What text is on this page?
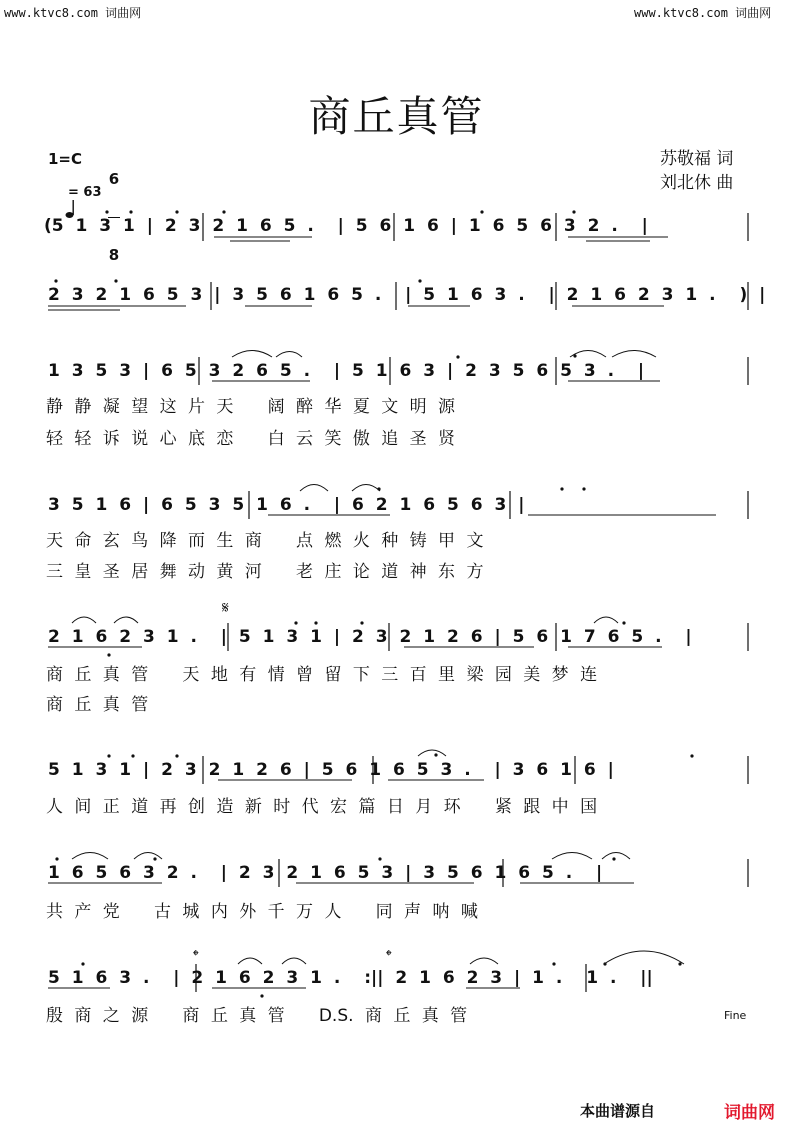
www.ktvc8.com 词曲网	www.ktvc8.com 词曲网
商丘真管
1=C

6

8

= 63
苏敬福 词
刘北休 曲
(5 1 3 1 | 2 3 2 1 6 5 .  | 5 6 1 6 | 1 6 5 6 3 2 .  |
2 3 2 1 6 5 3 | 3 5 6 1 6 5 .  | 5 1 6 3 .  | 2 1 6 2 3 1 .  ) |
1 3 5 3 | 6 5 3 2 6 5 .  | 5 1 6 3 | 2 3 5 6 5 3 .  |
静 静 凝 望 这 片 天   阔 醉 华 夏 文 明 源
轻 轻 诉 说 心 底 恋   白 云 笑 傲 追 圣 贤
3 5 1 6 | 6 5 3 5 1 6 .  | 6 2 1 6 5 6 3 |
天 命 玄 鸟 降 而 生 商   点 燃 火 种 铸 甲 文
三 皇 圣 居 舞 动 黄 河   老 庄 论 道 神 东 方
𝄋
2 1 6 2 3 1 .  | 5 1 3 1 | 2 3 2 1 2 6 | 5 6 1 7 6 5 .  |
商 丘 真 管   天 地 有 情 曾 留 下 三 百 里 梁 园 美 梦 连
商 丘 真 管
5 1 3 1 | 2 3 2 1 2 6 | 5 6 1 6 5 3 .  | 3 6 1 6 |
人 间 正 道 再 创 造 新 时 代 宏 篇 日 月 环   紧 跟 中 国
1 6 5 6 3 2 .  | 2 3 2 1 6 5 3 | 3 5 6 1 6 5 .  |
共 产 党   古 城 内 外 千 万 人   同 声 呐 喊
𝄌	𝄌
5 1 6 3 .  | 2 1 6 2 3 1 .  :|| 2 1 6 2 3 | 1 .  1 .  ||
殷 商 之 源   商 丘 真 管   D.S. 商 丘 真 管	Fine
本曲谱源自	词曲网
